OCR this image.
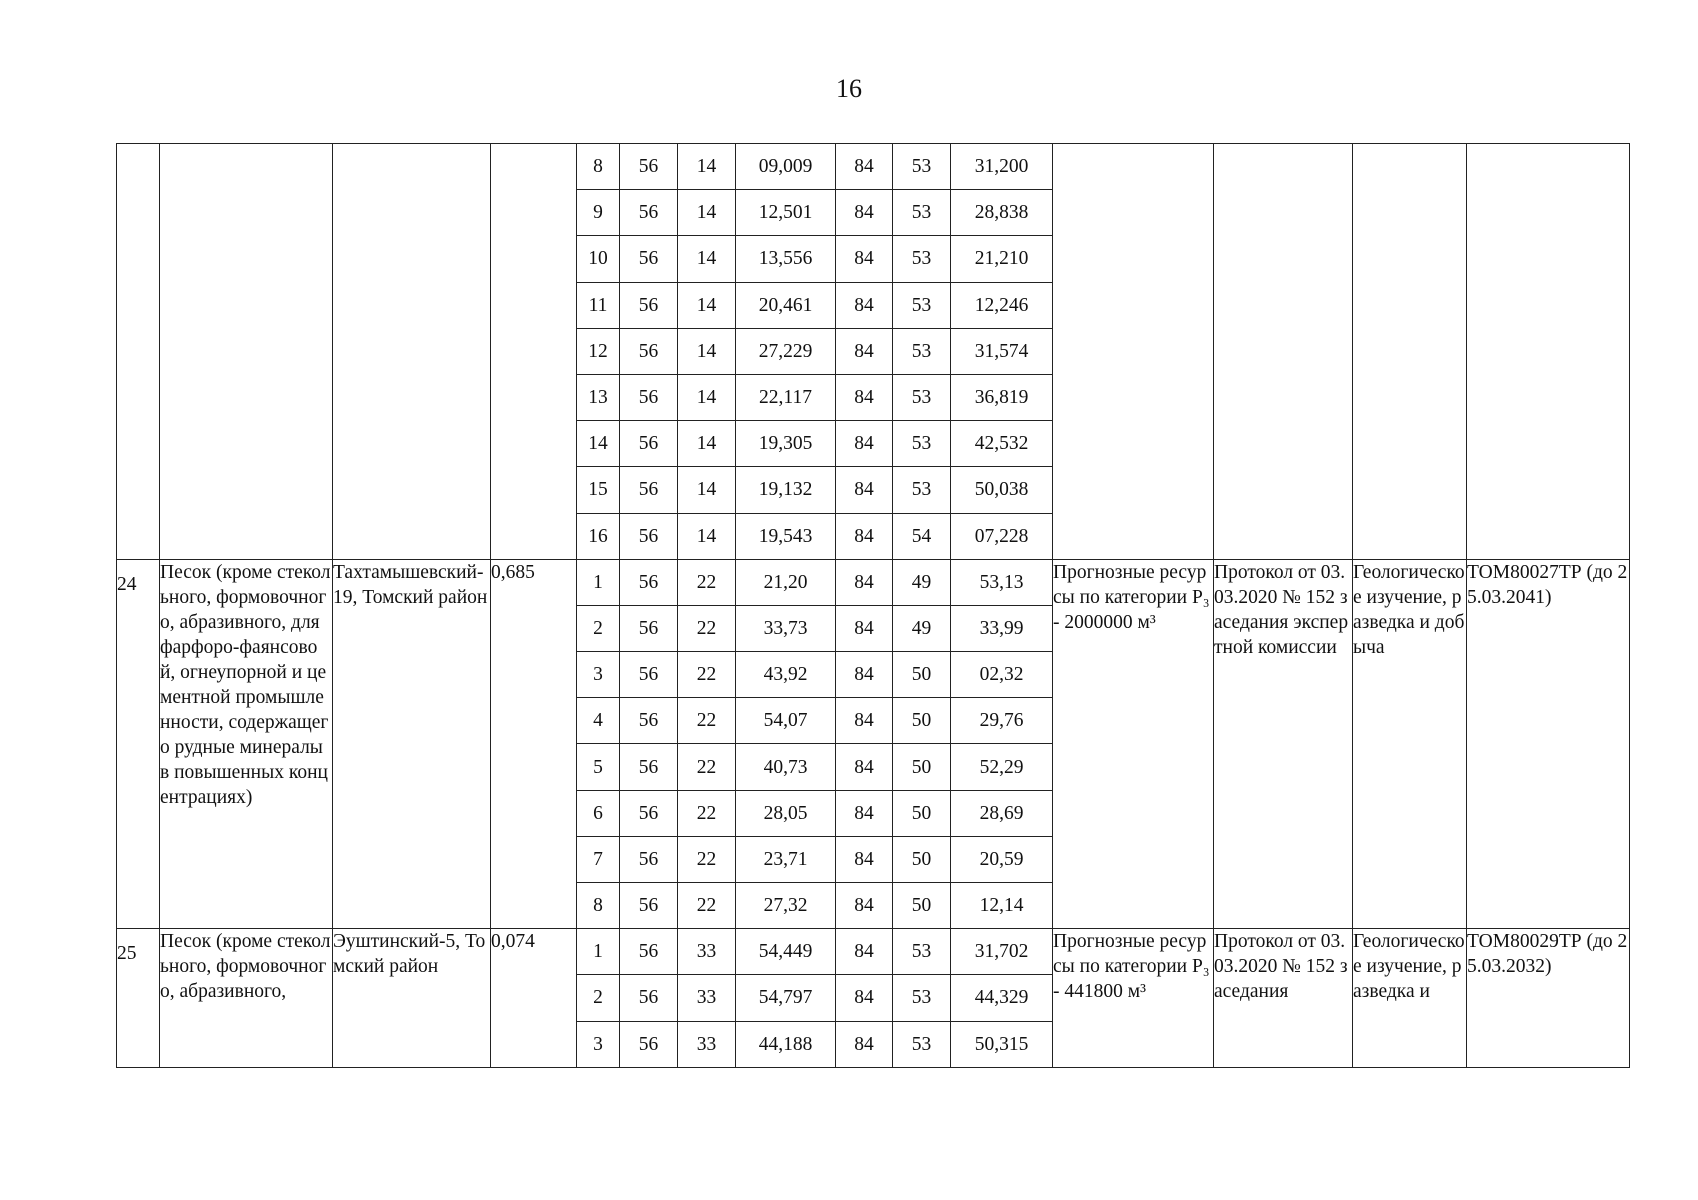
16
				8	56	14	09,009	84	53	31,200				
				9	56	14	12,501	84	53	28,838				
				10	56	14	13,556	84	53	21,210				
				11	56	14	20,461	84	53	12,246				
				12	56	14	27,229	84	53	31,574				
				13	56	14	22,117	84	53	36,819				
				14	56	14	19,305	84	53	42,532				
				15	56	14	19,132	84	53	50,038				
				16	56	14	19,543	84	54	07,228				
24	Песок (кроме стекольного, формовочного, абразивного, для фарфоро-фаянсовой, огнеупорной и цементной промышленности, содержащего рудные минералы в повышенных концентрациях)	Тахтамышевский-19, Томский район	0,685	1	56	22	21,20	84	49	53,13	Прогнозные ресурсы по категории P₃ - 2000000 м³	Протокол от 03.03.2020 № 152 заседания экспертной комиссии	Геологическое изучение, разведка и добыча	ТОМ80027ТР (до 25.03.2041)
				2	56	22	33,73	84	49	33,99				
				3	56	22	43,92	84	50	02,32				
				4	56	22	54,07	84	50	29,76				
				5	56	22	40,73	84	50	52,29				
				6	56	22	28,05	84	50	28,69				
				7	56	22	23,71	84	50	20,59				
				8	56	22	27,32	84	50	12,14				
25	Песок (кроме стекольного, формовочного, абразивного,	Эуштинский-5, Томский район	0,074	1	56	33	54,449	84	53	31,702	Прогнозные ресурсы по категории P₃ - 441800 м³	Протокол от 03.03.2020 № 152 заседания	Геологическое изучение, разведка и	ТОМ80029ТР (до 25.03.2032)
				2	56	33	54,797	84	53	44,329				
				3	56	33	44,188	84	53	50,315				
